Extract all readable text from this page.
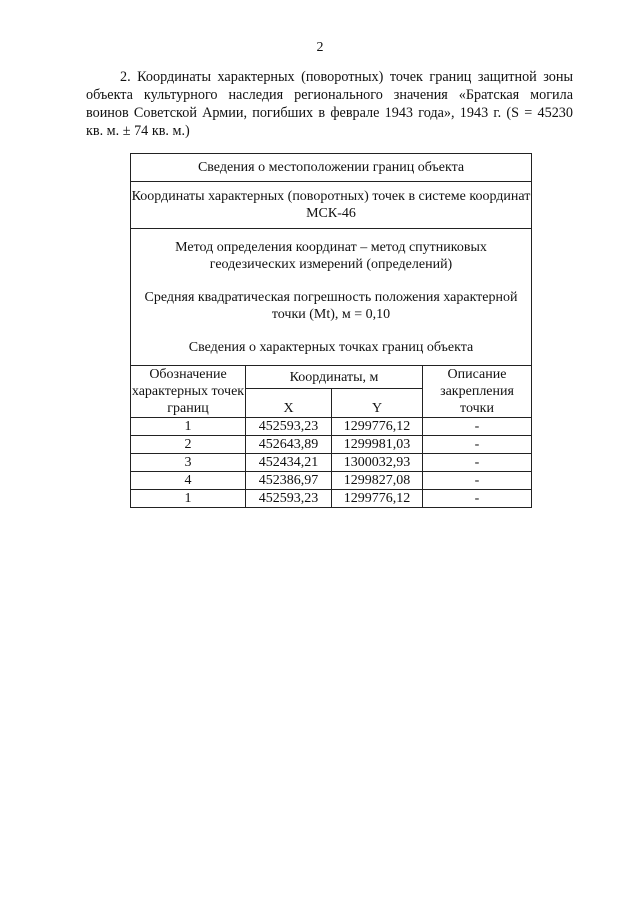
2

2. Координаты характерных (поворотных) точек границ защитной зоны объекта культурного наследия регионального значения «Братская могила воинов Советской Армии, погибших в феврале 1943 года», 1943 г. (S = 45230 кв. м. ± 74 кв. м.)

Сведения о местоположении границ объекта			
Координаты характерных (поворотных) точек в системе координат МСК-46			

Метод определения координат – метод спутниковых геодезических измерений (определений)

Средняя квадратическая погрешность положения характерной точки (Mt), м = 0,10

Сведения о характерных точках границ объекта			

Обозначение характерных точек границ	Координаты, м		Описание закрепления точки
	X	Y	
1	452593,23	1299776,12	-
2	452643,89	1299981,03	-
3	452434,21	1300032,93	-
4	452386,97	1299827,08	-
1	452593,23	1299776,12	-
